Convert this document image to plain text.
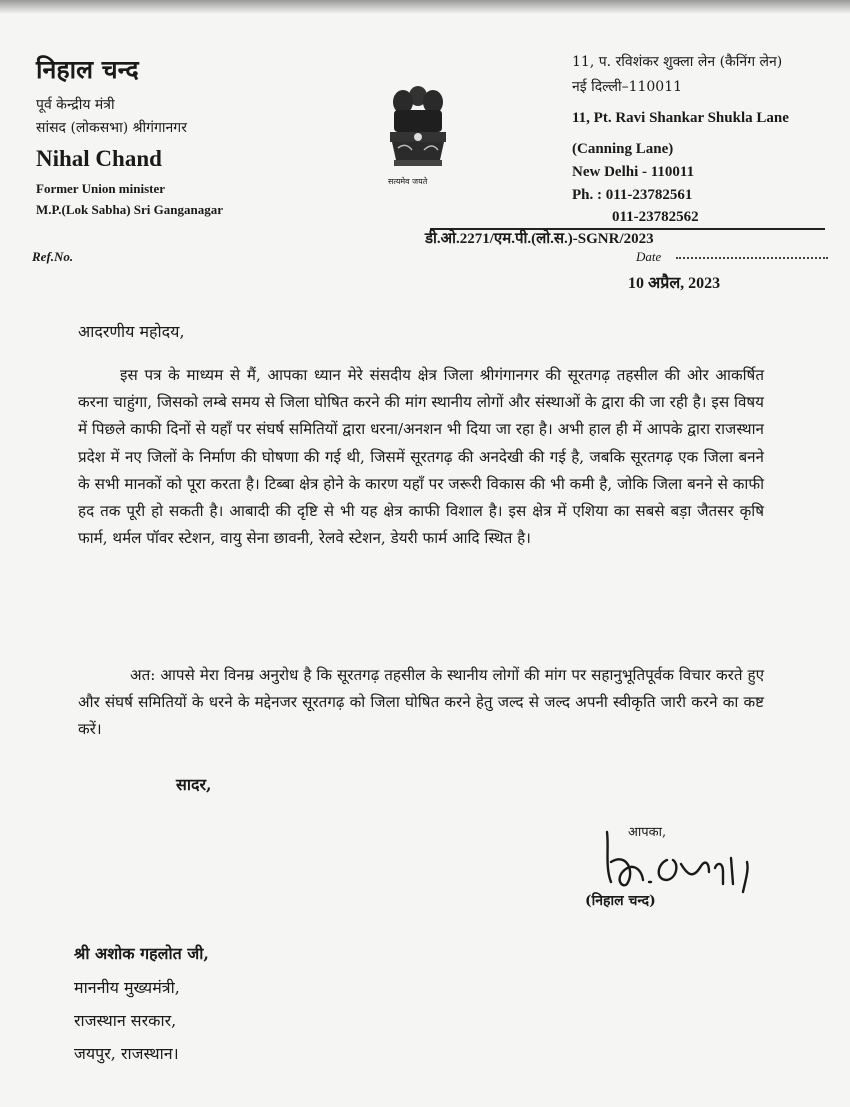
निहाल चन्द
पूर्व केन्द्रीय मंत्री
सांसद (लोकसभा) श्रीगंगानगर
Nihal Chand
Former Union minister
M.P.(Lok Sabha) Sri Ganganagar
सत्यमेव जयते
11, प. रविशंकर शुक्ला लेन (कैनिंग लेन)
नई दिल्ली–110011
11, Pt. Ravi Shankar Shukla Lane
(Canning Lane)
New Delhi - 110011
Ph. : 011-23782561
011-23782562
डी.ओ.2271/एम.पी.(लो.स.)-SGNR/2023
Ref.No.	Date
10 अप्रैल, 2023
आदरणीय महोदय,
इस पत्र के माध्यम से मैं, आपका ध्यान मेरे संसदीय क्षेत्र जिला श्रीगंगानगर की सूरतगढ़ तहसील की ओर आकर्षित करना चाहुंगा, जिसको लम्बे समय से जिला घोषित करने की मांग स्थानीय लोगों और संस्थाओं के द्वारा की जा रही है। इस विषय में पिछले काफी दिनों से यहाँ पर संघर्ष समितियों द्वारा धरना/अनशन भी दिया जा रहा है। अभी हाल ही में आपके द्वारा राजस्थान प्रदेश में नए जिलों के निर्माण की घोषणा की गई थी, जिसमें सूरतगढ़ की अनदेखी की गई है, जबकि सूरतगढ़ एक जिला बनने के सभी मानकों को पूरा करता है। टिब्बा क्षेत्र होने के कारण यहाँ पर जरूरी विकास की भी कमी है, जोकि जिला बनने से काफी हद तक पूरी हो सकती है। आबादी की दृष्टि से भी यह क्षेत्र काफी विशाल है। इस क्षेत्र में एशिया का सबसे बड़ा जैतसर कृषि फार्म, थर्मल पॉवर स्टेशन, वायु सेना छावनी, रेलवे स्टेशन, डेयरी फार्म आदि स्थित है।
अत: आपसे मेरा विनम्र अनुरोध है कि सूरतगढ़ तहसील के स्थानीय लोगों की मांग पर सहानुभूतिपूर्वक विचार करते हुए और संघर्ष समितियों के धरने के मद्देनजर सूरतगढ़ को जिला घोषित करने हेतु जल्द से जल्द अपनी स्वीकृति जारी करने का कष्ट करें।
सादर,
आपका,
(निहाल चन्द)
श्री अशोक गहलोत जी,
माननीय मुख्यमंत्री,
राजस्थान सरकार,
जयपुर, राजस्थान।
